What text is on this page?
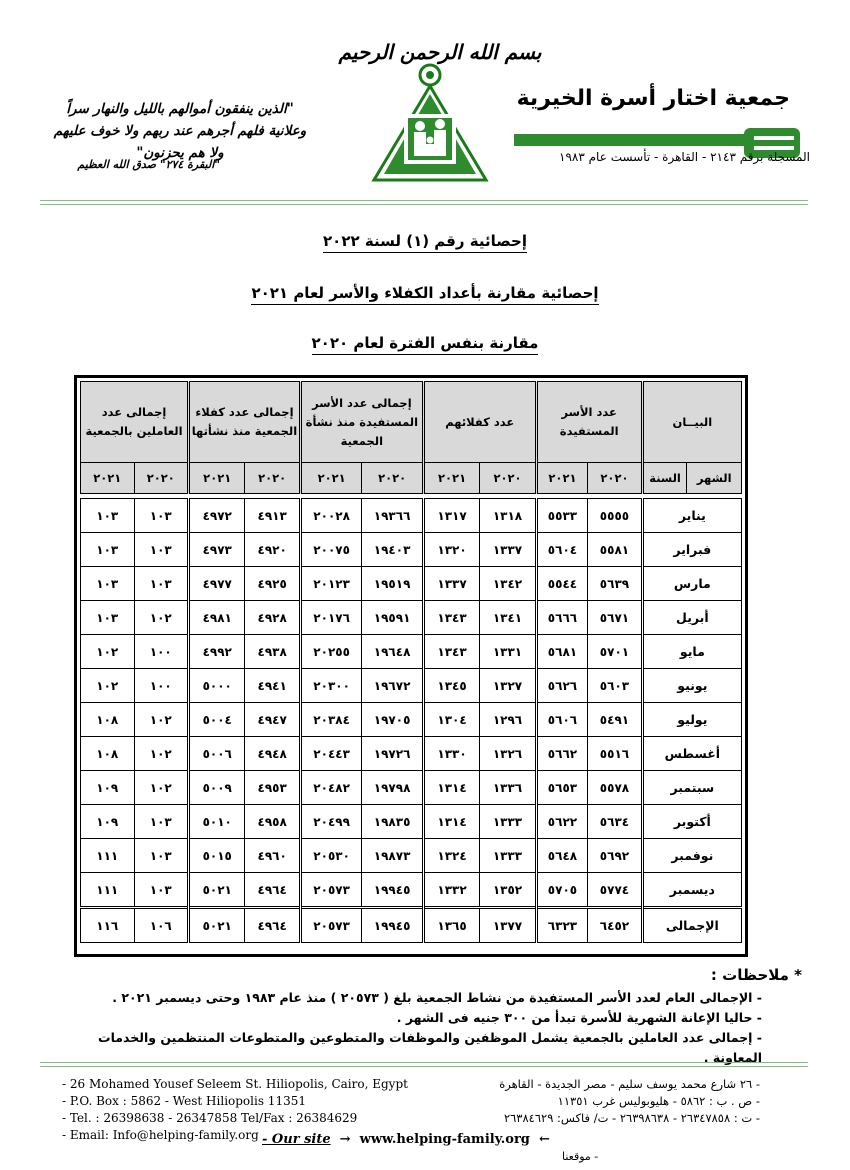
بسم الله الرحمن الرحيم
جمعية اختار أسرة الخيرية
المسجلة برقم ٢١٤٣ - القاهرة - تأسست عام ١٩٨٣
"الذين ينفقون أموالهم بالليل والنهار سراً وعلانية فلهم أجرهم عند ربهم ولا خوف عليهم ولا هم يحزنون"
"البقرة ٢٧٤" صدق الله العظيم
إحصائية رقم (١) لسنة ٢٠٢٢
إحصائية مقارنة بأعداد الكفلاء والأسر لعام ٢٠٢١
مقارنة بنفس الفترة لعام ٢٠٢٠
البيــان		عدد الأسر المستفيدة		عدد كفلائهم		إجمالى عدد الأسر المستفيدة منذ نشأة الجمعية		إجمالى عدد كفلاء الجمعية منذ نشأتها		إجمالى عدد العاملين بالجمعية	
الشهر	السنة	٢٠٢٠	٢٠٢١	٢٠٢٠	٢٠٢١	٢٠٢٠	٢٠٢١	٢٠٢٠	٢٠٢١	٢٠٢٠	٢٠٢١

يناير		٥٥٥٥	٥٥٣٣	١٣١٨	١٣١٧	١٩٣٦٦	٢٠٠٢٨	٤٩١٣	٤٩٧٢	١٠٣	١٠٣
فبراير		٥٥٨١	٥٦٠٤	١٣٣٧	١٣٢٠	١٩٤٠٣	٢٠٠٧٥	٤٩٢٠	٤٩٧٣	١٠٣	١٠٣
مارس		٥٦٣٩	٥٥٤٤	١٣٤٢	١٣٣٧	١٩٥١٩	٢٠١٢٣	٤٩٢٥	٤٩٧٧	١٠٣	١٠٣
أبريل		٥٦٧١	٥٦٦٦	١٣٤١	١٣٤٣	١٩٥٩١	٢٠١٧٦	٤٩٢٨	٤٩٨١	١٠٢	١٠٣
مايو		٥٧٠١	٥٦٨١	١٣٣١	١٣٤٣	١٩٦٤٨	٢٠٢٥٥	٤٩٣٨	٤٩٩٢	١٠٠	١٠٢
يونيو		٥٦٠٣	٥٦٢٦	١٣٢٧	١٣٤٥	١٩٦٧٢	٢٠٣٠٠	٤٩٤١	٥٠٠٠	١٠٠	١٠٢
يوليو		٥٤٩١	٥٦٠٦	١٢٩٦	١٣٠٤	١٩٧٠٥	٢٠٣٨٤	٤٩٤٧	٥٠٠٤	١٠٢	١٠٨
أغسطس		٥٥١٦	٥٦٦٢	١٣٢٦	١٣٣٠	١٩٧٢٦	٢٠٤٤٣	٤٩٤٨	٥٠٠٦	١٠٢	١٠٨
سبتمبر		٥٥٧٨	٥٦٥٣	١٣٣٦	١٣١٤	١٩٧٩٨	٢٠٤٨٢	٤٩٥٣	٥٠٠٩	١٠٢	١٠٩
أكتوبر		٥٦٣٤	٥٦٢٢	١٣٣٣	١٣١٤	١٩٨٣٥	٢٠٤٩٩	٤٩٥٨	٥٠١٠	١٠٣	١٠٩
نوفمبر		٥٦٩٢	٥٦٤٨	١٣٣٣	١٣٢٤	١٩٨٧٣	٢٠٥٣٠	٤٩٦٠	٥٠١٥	١٠٣	١١١
ديسمبر		٥٧٧٤	٥٧٠٥	١٣٥٢	١٣٣٢	١٩٩٤٥	٢٠٥٧٣	٤٩٦٤	٥٠٢١	١٠٣	١١١
الإجمالى		٦٤٥٢	٦٣٢٣	١٣٧٧	١٣٦٥	١٩٩٤٥	٢٠٥٧٣	٤٩٦٤	٥٠٢١	١٠٦	١١٦
* ملاحظات :
- الإجمالى العام لعدد الأسر المستفيدة من نشاط الجمعية بلغ ( ٢٠٥٧٣ ) منذ عام ١٩٨٣ وحتى ديسمبر ٢٠٢١ .
- حاليا الإعانة الشهرية للأسرة تبدأ من ٣٠٠ جنيه فى الشهر .
- إجمالى عدد العاملين بالجمعية يشمل الموظفين والموظفات والمتطوعين والمتطوعات المنتظمين والخدمات المعاونة .
- 26 Mohamed Yousef Seleem St. Hiliopolis, Cairo, Egypt
- P.O. Box : 5862 - West Hiliopolis 11351
- Tel. : 26398638 - 26347858 Tel/Fax : 26384629
- Email: Info@helping-family.org
- ٢٦ شارع محمد يوسف سليم - مصر الجديدة - القاهرة
- ص . ب : ٥٨٦٢ - هليوبوليس غرب ١١٣٥١
- ت : ٢٦٣٤٧٨٥٨ - ٢٦٣٩٨٦٣٨ - ت/ فاكس: ٢٦٣٨٤٦٢٩
- Our site  →  www.helping-family.org  ←
- موقعنا
